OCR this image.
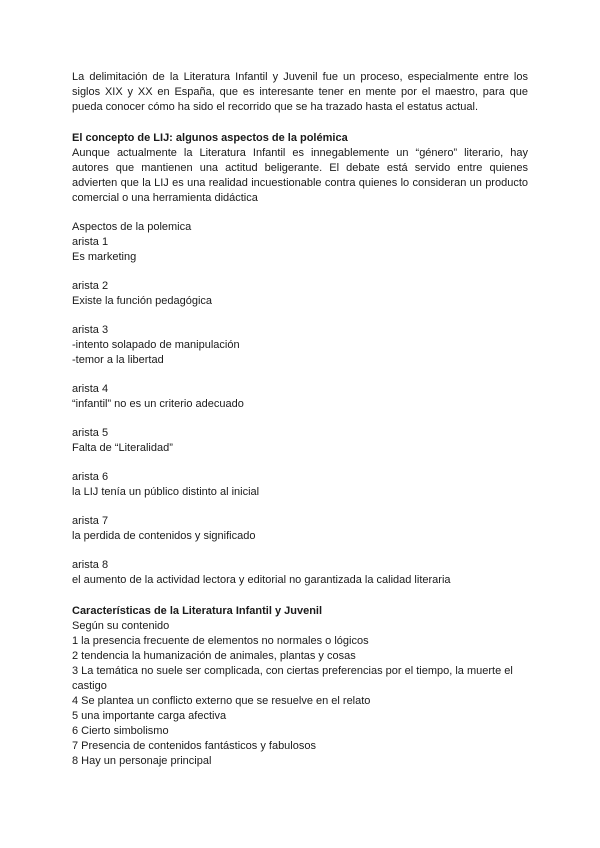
La delimitación de la Literatura Infantil y Juvenil fue un proceso, especialmente entre los siglos XIX y XX en España, que es interesante tener en mente por el maestro, para que pueda conocer cómo ha sido el recorrido que se ha trazado hasta el estatus actual.

El concepto de LIJ: algunos aspectos de la polémica

Aunque actualmente la Literatura Infantil es innegablemente un “género” literario, hay autores que mantienen una actitud beligerante. El debate está servido entre quienes advierten que la LIJ es una realidad incuestionable contra quienes lo consideran un producto comercial o una herramienta didáctica

Aspectos de la polemica

arista 1

Es marketing

arista 2

Existe la función pedagógica

arista 3

-intento solapado de manipulación

-temor a la libertad

arista 4

“infantil” no es un criterio adecuado

arista 5

Falta de “Literalidad”

arista 6

la LIJ tenía un público distinto al inicial

arista 7

la perdida de contenidos y significado

arista 8

el aumento de la actividad lectora y editorial no garantizada la calidad literaria

Características de la Literatura Infantil y Juvenil

Según su contenido

1 la presencia frecuente de elementos no normales o lógicos

2 tendencia la humanización de animales, plantas y cosas

3 La temática no suele ser complicada, con ciertas preferencias por el tiempo, la muerte el castigo

4 Se plantea un conflicto externo que se resuelve en el relato

5 una importante carga afectiva

6 Cierto simbolismo

7 Presencia de contenidos fantásticos y fabulosos

8 Hay un personaje principal
